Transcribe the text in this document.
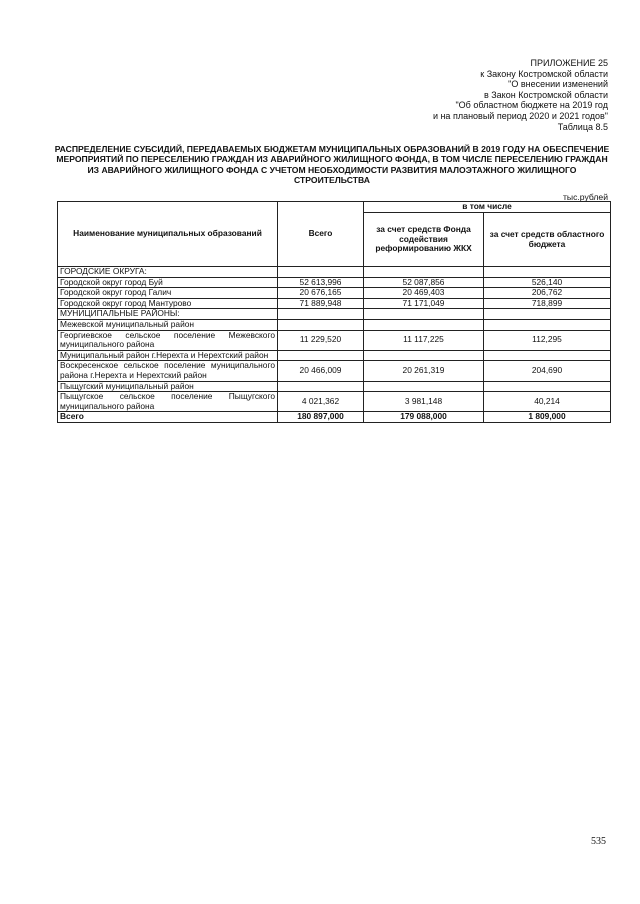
ПРИЛОЖЕНИЕ 25
к Закону Костромской области
"О внесении изменений
в Закон Костромской области
"Об областном бюджете на 2019 год
и на плановый период 2020 и 2021 годов"
Таблица 8.5
РАСПРЕДЕЛЕНИЕ СУБСИДИЙ, ПЕРЕДАВАЕМЫХ БЮДЖЕТАМ МУНИЦИПАЛЬНЫХ ОБРАЗОВАНИЙ В 2019 ГОДУ НА ОБЕСПЕЧЕНИЕ МЕРОПРИЯТИЙ ПО ПЕРЕСЕЛЕНИЮ ГРАЖДАН ИЗ АВАРИЙНОГО ЖИЛИЩНОГО ФОНДА, В ТОМ ЧИСЛЕ ПЕРЕСЕЛЕНИЮ ГРАЖДАН ИЗ АВАРИЙНОГО ЖИЛИЩНОГО ФОНДА С УЧЕТОМ НЕОБХОДИМОСТИ РАЗВИТИЯ МАЛОЭТАЖНОГО ЖИЛИЩНОГО СТРОИТЕЛЬСТВА
тыс.рублей
Наименование муниципальных образований	Всего	в том числе	
		за счет средств Фонда содействия реформированию ЖКХ	за счет средств областного бюджета
ГОРОДСКИЕ ОКРУГА:			
Городской округ город Буй	52 613,996	52 087,856	526,140
Городской округ город Галич	20 676,165	20 469,403	206,762
Городской округ город Мантурово	71 889,948	71 171,049	718,899
МУНИЦИПАЛЬНЫЕ РАЙОНЫ:			
Межевской муниципальный район			
Георгиевское сельское поселение Межевского муниципального района	11 229,520	11 117,225	112,295
Муниципальный район г.Нерехта и Нерехтский район			
Воскресенское сельское поселение муниципального района г.Нерехта и Нерехтский район	20 466,009	20 261,319	204,690
Пыщугский муниципальный район			
Пыщугское сельское поселение Пыщугского муниципального района	4 021,362	3 981,148	40,214
Всего	180 897,000	179 088,000	1 809,000
535
